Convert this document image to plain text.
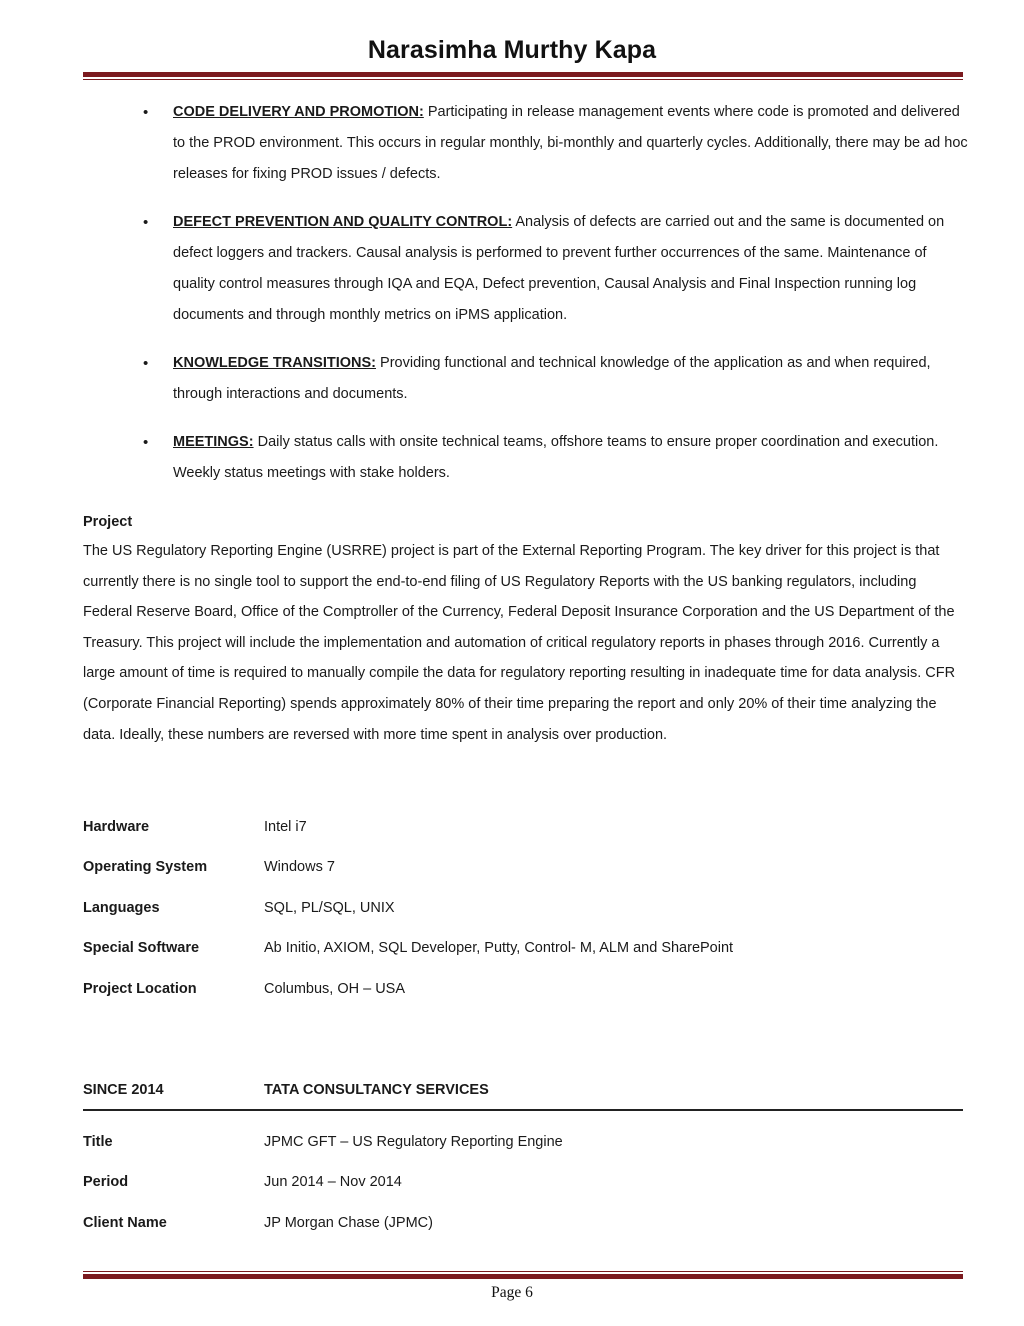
Narasimha Murthy Kapa
• CODE DELIVERY AND PROMOTION: Participating in release management events where code is promoted and delivered to the PROD environment. This occurs in regular monthly, bi-monthly and quarterly cycles. Additionally, there may be ad hoc releases for fixing PROD issues / defects.
• DEFECT PREVENTION AND QUALITY CONTROL: Analysis of defects are carried out and the same is documented on defect loggers and trackers. Causal analysis is performed to prevent further occurrences of the same. Maintenance of quality control measures through IQA and EQA, Defect prevention, Causal Analysis and Final Inspection running log documents and through monthly metrics on iPMS application.
• KNOWLEDGE TRANSITIONS: Providing functional and technical knowledge of the application as and when required, through interactions and documents.
• MEETINGS: Daily status calls with onsite technical teams, offshore teams to ensure proper coordination and execution. Weekly status meetings with stake holders.
Project
The US Regulatory Reporting Engine (USRRE) project is part of the External Reporting Program. The key driver for this project is that currently there is no single tool to support the end-to-end filing of US Regulatory Reports with the US banking regulators, including Federal Reserve Board, Office of the Comptroller of the Currency, Federal Deposit Insurance Corporation and the US Department of the Treasury. This project will include the implementation and automation of critical regulatory reports in phases through 2016. Currently a large amount of time is required to manually compile the data for regulatory reporting resulting in inadequate time for data analysis. CFR (Corporate Financial Reporting) spends approximately 80% of their time preparing the report and only 20% of their time analyzing the data. Ideally, these numbers are reversed with more time spent in analysis over production.
Hardware	Intel i7
Operating System	Windows 7
Languages	SQL, PL/SQL, UNIX
Special Software	Ab Initio, AXIOM, SQL Developer, Putty, Control- M, ALM and SharePoint
Project Location	Columbus, OH – USA
SINCE 2014	TATA CONSULTANCY SERVICES
Title	JPMC GFT – US Regulatory Reporting Engine
Period	Jun 2014 – Nov 2014
Client Name	JP Morgan Chase (JPMC)
Page 6
